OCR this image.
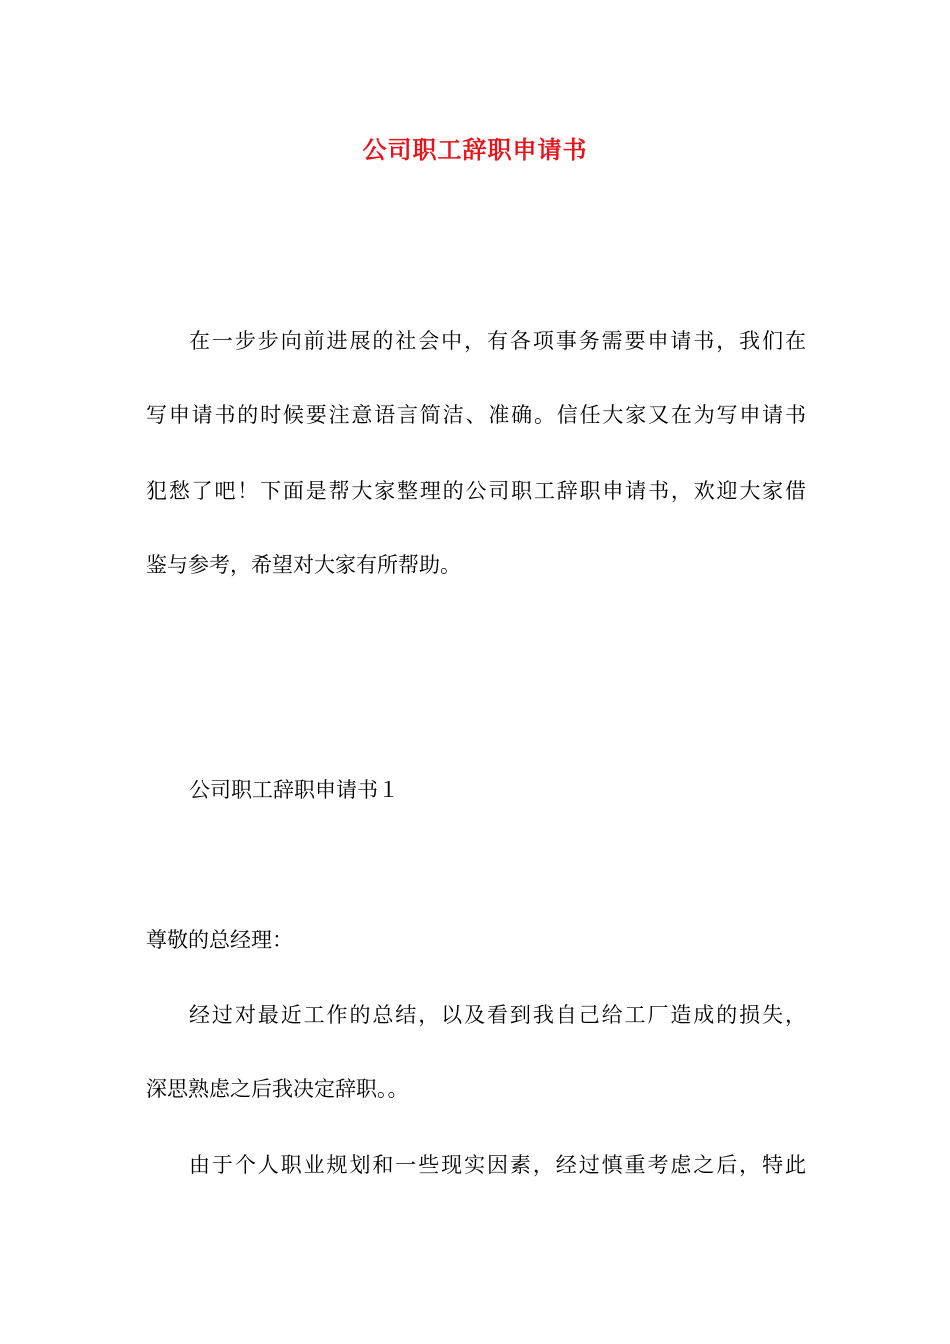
公司职工辞职申请书
在一步步向前进展的社会中，有各项事务需要申请书，我们在
写申请书的时候要注意语言简洁、准确。信任大家又在为写申请书
犯愁了吧！下面是帮大家整理的公司职工辞职申请书，欢迎大家借
鉴与参考，希望对大家有所帮助。
公司职工辞职申请书１
尊敬的总经理：
经过对最近工作的总结，以及看到我自己给工厂造成的损失，
深思熟虑之后我决定辞职。。
由于个人职业规划和一些现实因素，经过慎重考虑之后，特此
